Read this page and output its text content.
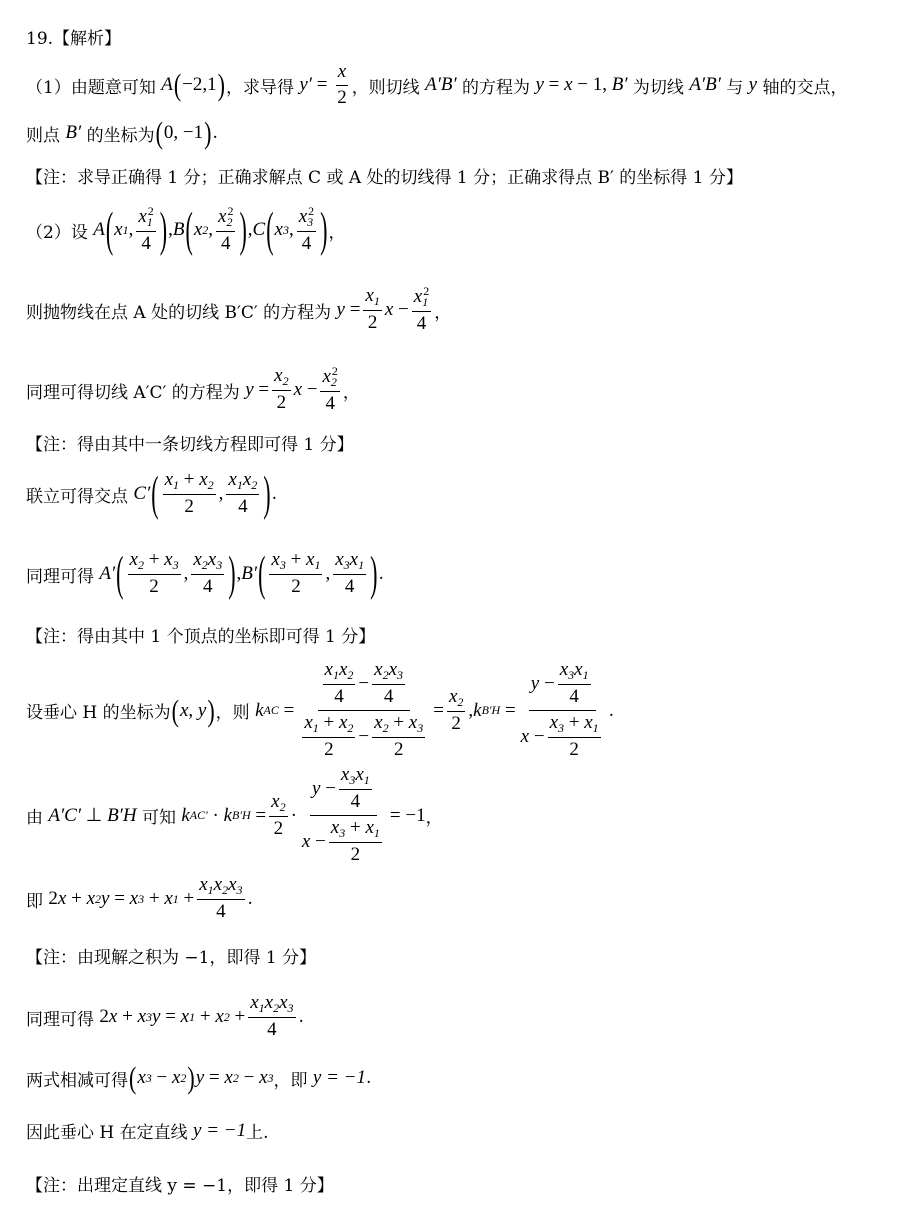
19.【解析】
（1）由题意可知 A ( −2,1 ) ，求导得 $y' = \frac{x}{2}$ ，则切线 A′B′ 的方程为 y = x − 1, B′ 为切线 A′B′ 与 y 轴的交点，
则点 B′ 的坐标为 ( 0, −1 ) .
【注：求导正确得 1 分；正确求解点 C 或 A 处的切线得 1 分；正确求得点 B′ 的坐标得 1 分】
（2）设 A ( x 1 , $\frac{x_1^2}{4}$ ) , B ( x 2 , $\frac{x_2^2}{4}$ ) , C ( x 3 , $\frac{x_3^2}{4}$ ) ，
则抛物线在点 A 处的切线 B′C′ 的方程为 $y = \frac{x_1}{2}$ $x - \frac{x_1^2}{4}$ ，
同理可得切线 A′C′ 的方程为 $y = \frac{x_2}{2}$ $x - \frac{x_2^2}{4}$ ，
【注：得由其中一条切线方程即可得 1 分】
联立可得交点 C′ ( $\frac{x_1 + x_2}{2}$ , $\frac{x_1x_2}{4}$ ) .
同理可得 A′ ( $\frac{x_2 + x_3}{2}$ , $\frac{x_2x_3}{4}$ ) , B′ ( $\frac{x_3 + x_1}{2}$ , $\frac{x_3x_1}{4}$ ) .
【注：得由其中 1 个顶点的坐标即可得 1 分】
设垂心 H 的坐标为 ( x , y ) ，则 k AC = $\frac{\frac{x_1x_2}{4} - \frac{x_2x_3}{4}}{\frac{x_1 + x_2}{2} - \frac{x_2 + x_3}{2}} = \frac{x_2}{2}$ , k $B'H = \frac{y - \frac{x_3x_1}{4}}{x - \frac{x_3 + x_1}{2}}$ .
由 A′C′ ⊥ B′H 可知 k AC′ · k $B'H = \frac{x_2}{2} \cdot \frac{y - \frac{x_3x_1}{4}}{x - \frac{x_3 + x_1}{2}} = -1$ ，
即 2 x + x 2 y = x 3 + x $1 + \frac{x_1x_2x_3}{4}$ .
【注：由现解之积为 −1，即得 1 分】
同理可得 2 x + x 3 y = x 1 + x $2 + \frac{x_1x_2x_3}{4}$ .
两式相减可得 ( x 3 − x 2 ) y = x 2 − x 3 ，即 y = −1 .
因此垂心 H 在定直线 y = −1 上.
【注：出理定直线 y = −1，即得 1 分】
